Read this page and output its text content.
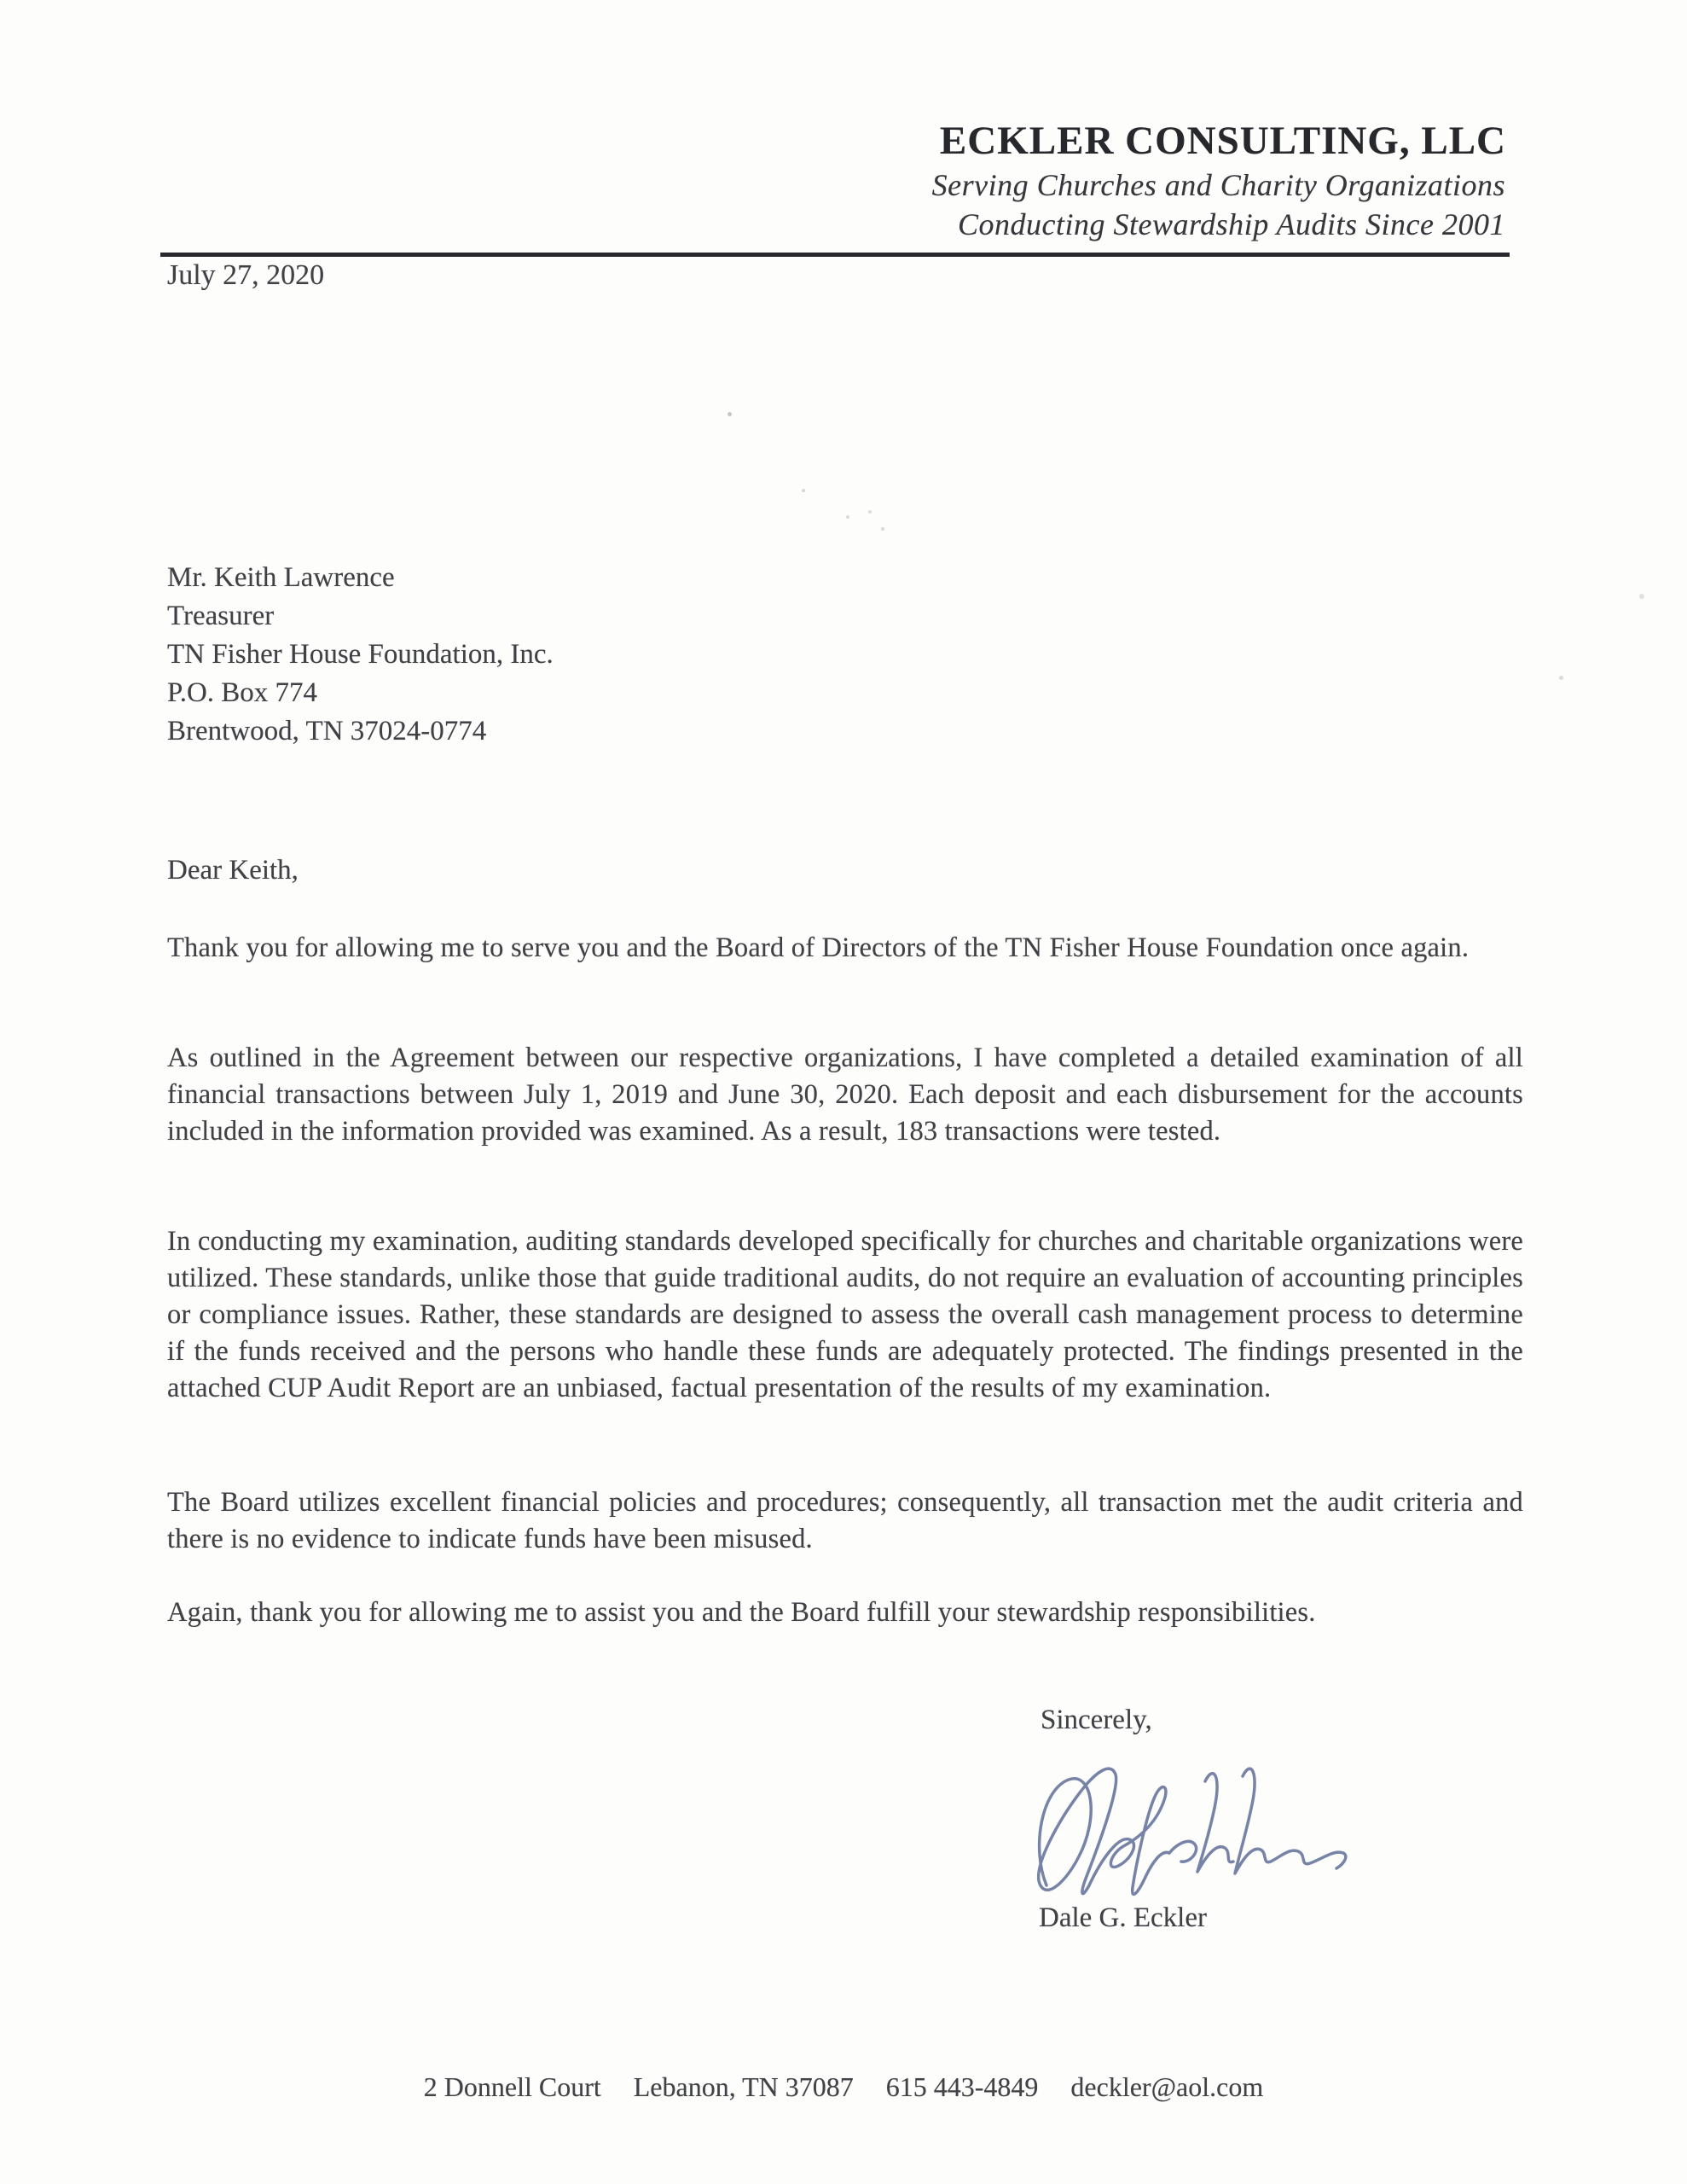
ECKLER CONSULTING, LLC
Serving Churches and Charity Organizations
Conducting Stewardship Audits Since 2001
July 27, 2020
Mr. Keith Lawrence
Treasurer
TN Fisher House Foundation, Inc.
P.O. Box 774
Brentwood, TN 37024-0774
Dear Keith,
Thank you for allowing me to serve you and the Board of Directors of the TN Fisher House Foundation once again.
As outlined in the Agreement between our respective organizations, I have completed a detailed examination of all financial transactions between July 1, 2019 and June 30, 2020. Each deposit and each disbursement for the accounts included in the information provided was examined. As a result, 183 transactions were tested.
In conducting my examination, auditing standards developed specifically for churches and charitable organizations were utilized. These standards, unlike those that guide traditional audits, do not require an evaluation of accounting principles or compliance issues. Rather, these standards are designed to assess the overall cash management process to determine if the funds received and the persons who handle these funds are adequately protected. The findings presented in the attached CUP Audit Report are an unbiased, factual presentation of the results of my examination.
The Board utilizes excellent financial policies and procedures; consequently, all transaction met the audit criteria and there is no evidence to indicate funds have been misused.
Again, thank you for allowing me to assist you and the Board fulfill your stewardship responsibilities.
Sincerely,
Dale G. Eckler
2 Donnell Court Lebanon, TN 37087 615 443-4849 deckler@aol.com
